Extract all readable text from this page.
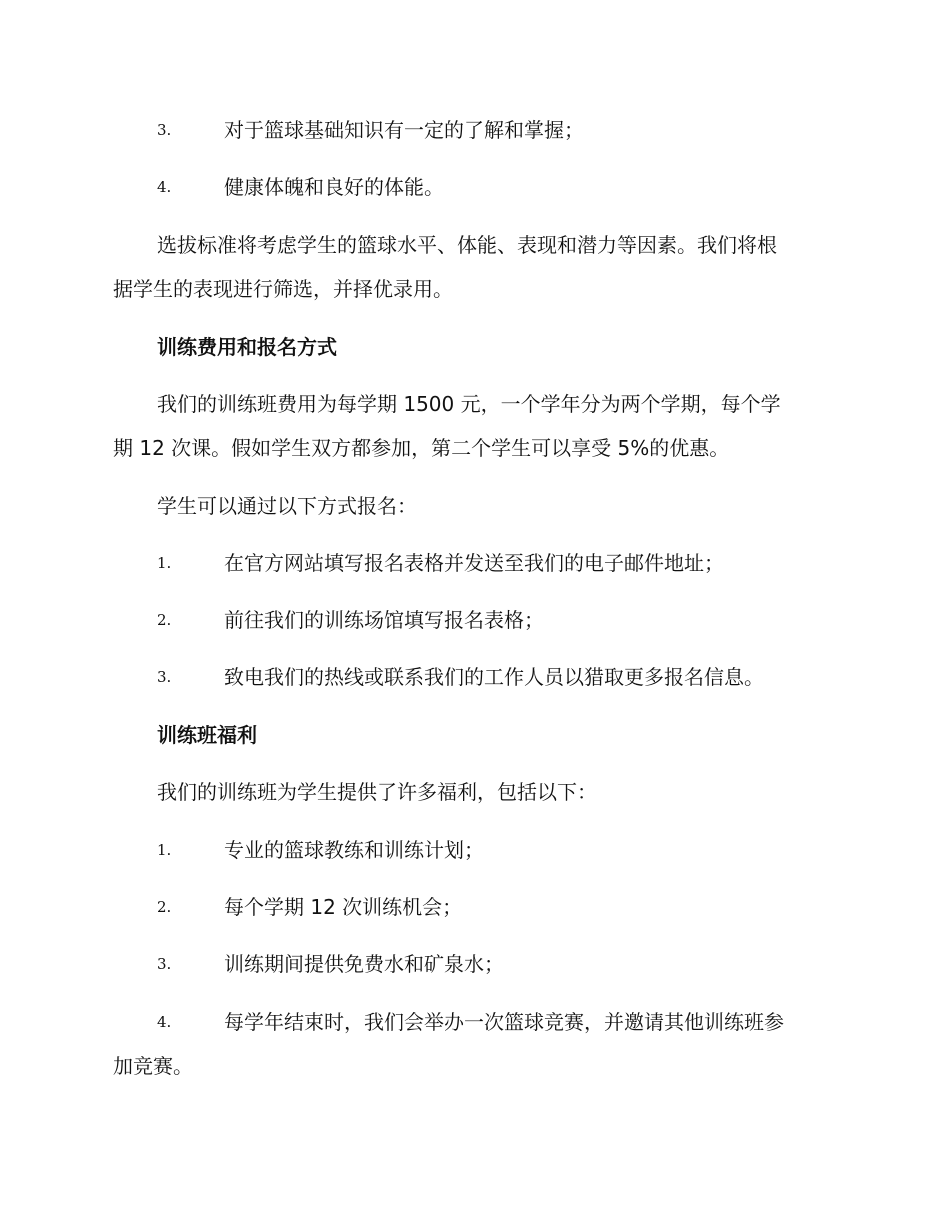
3.	对于篮球基础知识有一定的了解和掌握；
4.	健康体魄和良好的体能。
选拔标准将考虑学生的篮球水平、体能、表现和潜力等因素。我们将根
据学生的表现进行筛选，并择优录用。
训练费用和报名方式
我们的训练班费用为每学期 1500 元，一个学年分为两个学期，每个学
期 12 次课。假如学生双方都参加，第二个学生可以享受 5%的优惠。
学生可以通过以下方式报名：
1.	在官方网站填写报名表格并发送至我们的电子邮件地址；
2.	前往我们的训练场馆填写报名表格；
3.	致电我们的热线或联系我们的工作人员以猎取更多报名信息。
训练班福利
我们的训练班为学生提供了许多福利，包括以下：
1.	专业的篮球教练和训练计划；
2.	每个学期 12 次训练机会；
3.	训练期间提供免费水和矿泉水；
4.	每学年结束时，我们会举办一次篮球竞赛，并邀请其他训练班参
加竞赛。
